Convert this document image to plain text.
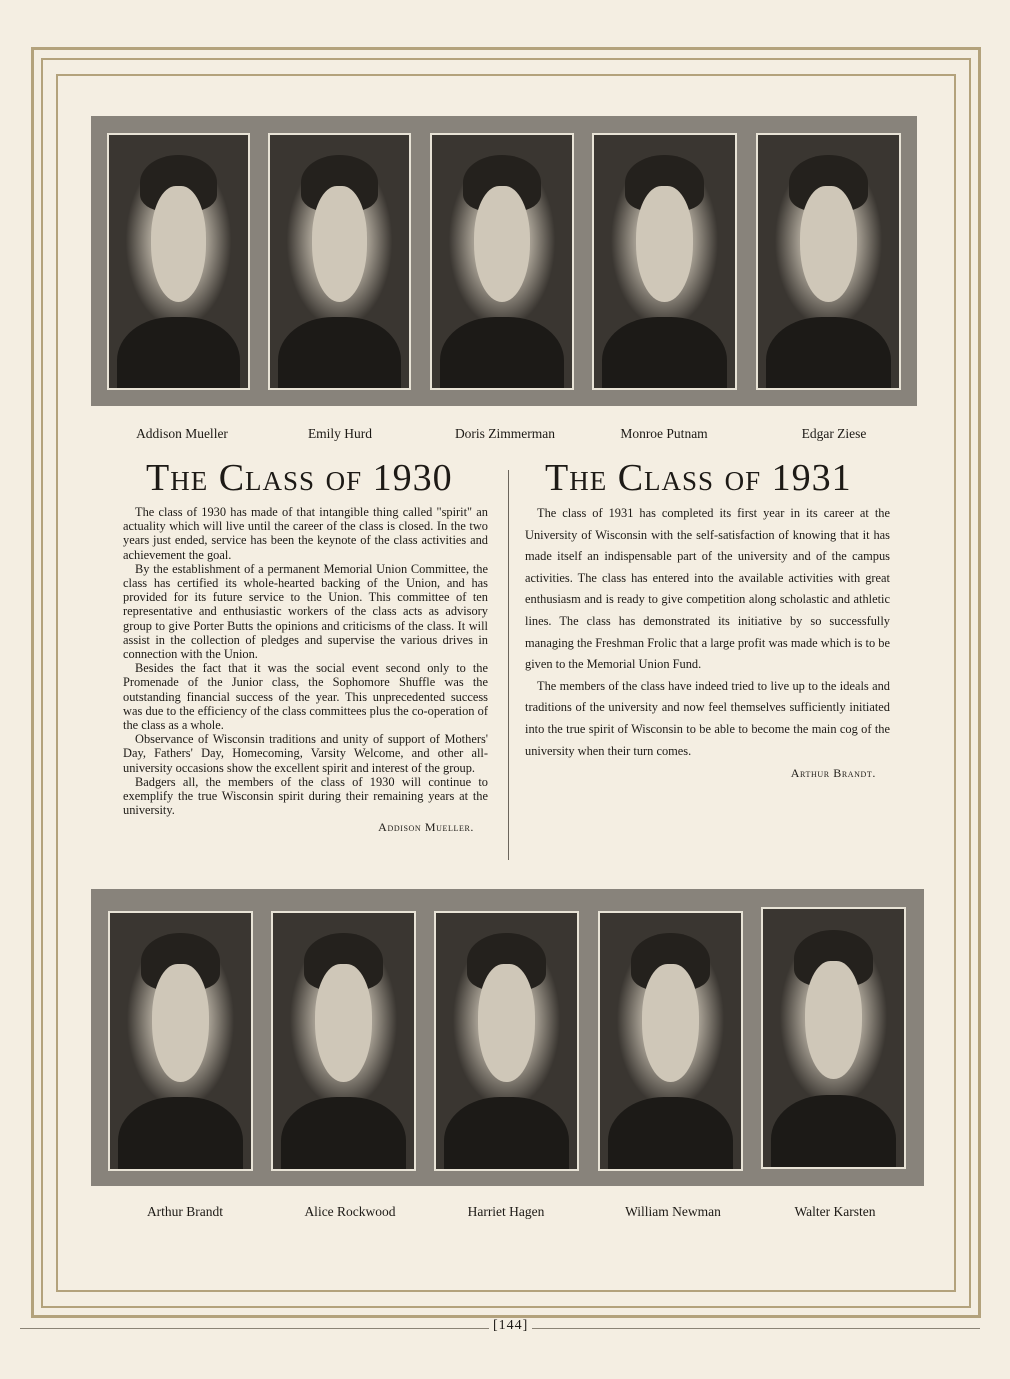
Addison Mueller	Emily Hurd	Doris Zimmerman	Monroe Putnam	Edgar Ziese
The Class of 1930 The Class of 1931

The class of 1930 has made of that intangible thing called "spirit" an actuality which will live until the career of the class is closed. In the two years just ended, service has been the keynote of the class activities and achievement the goal.

By the establishment of a permanent Memorial Union Committee, the class has certified its whole-hearted backing of the Union, and has provided for its future service to the Union. This committee of ten representative and enthusiastic workers of the class acts as advisory group to give Porter Butts the opinions and criticisms of the class. It will assist in the collection of pledges and supervise the various drives in connection with the Union.

Besides the fact that it was the social event second only to the Promenade of the Junior class, the Sophomore Shuffle was the outstanding financial success of the year. This unprecedented success was due to the efficiency of the class committees plus the co-operation of the class as a whole.

Observance of Wisconsin traditions and unity of support of Mothers' Day, Fathers' Day, Homecoming, Varsity Welcome, and other all-university occasions show the excellent spirit and interest of the group.

Badgers all, the members of the class of 1930 will continue to exemplify the true Wisconsin spirit during their remaining years at the university.

Addison Mueller.

The class of 1931 has completed its first year in its career at the University of Wisconsin with the self-satisfaction of knowing that it has made itself an indispensable part of the university and of the campus activities. The class has entered into the available activities with great enthusiasm and is ready to give competition along scholastic and athletic lines. The class has demonstrated its initiative by so successfully managing the Freshman Frolic that a large profit was made which is to be given to the Memorial Union Fund.

The members of the class have indeed tried to live up to the ideals and traditions of the university and now feel themselves sufficiently initiated into the true spirit of Wisconsin to be able to become the main cog of the university when their turn comes.

Arthur Brandt.
Arthur Brandt	Alice Rockwood	Harriet Hagen	William Newman	Walter Karsten
[144]
